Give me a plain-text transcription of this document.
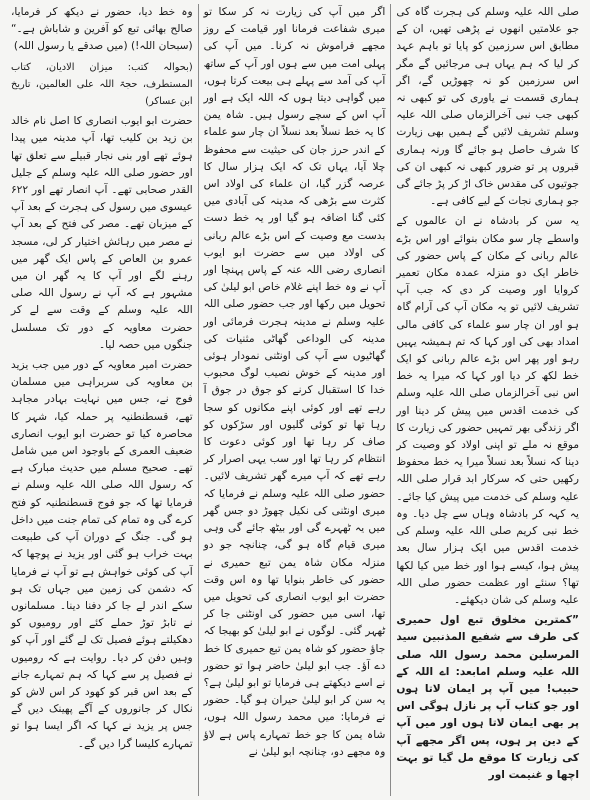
صلی اللہ علیہ وسلم کی ہجرت گاہ کی جو علامتیں انھوں نے پڑھی تھیں، ان کے مطابق اس سرزمین کو پایا تو باہم عہد کر لیا کہ ہم یہاں ہی مرجائیں گے مگر اس سرزمین کو نہ چھوڑیں گے، اگر ہماری قسمت نے یاوری کی تو کبھی نہ کبھی جب نبی آخرالزماں صلی اللہ علیہ وسلم تشریف لائیں گے ہمیں بھی زیارت کا شرف حاصل ہو جائے گا ورنہ ہماری قبروں پر تو ضرور کبھی نہ کبھی ان کی جوتیوں کی مقدس خاک اڑ کر پڑ جائے گی جو ہماری نجات کے لیے کافی ہے۔

یہ سن کر بادشاہ نے ان عالموں کے واسطے چار سو مکان بنوائے اور اس بڑے عالم ربانی کے مکان کے پاس حضور کی خاطر ایک دو منزلہ عمدہ مکان تعمیر کروایا اور وصیت کر دی کہ جب آپ تشریف لائیں تو یہ مکان آپ کی آرام گاہ ہو اور ان چار سو علماء کی کافی مالی امداد بھی کی اور کہا کہ تم ہمیشہ یہیں رہو اور پھر اس بڑے عالم ربانی کو ایک خط لکھ کر دیا اور کہا کہ میرا یہ خط اس نبی آخرالزماں صلی اللہ علیہ وسلم کی خدمت اقدس میں پیش کر دینا اور اگر زندگی بھر تمہیں حضور کی زیارت کا موقع نہ ملے تو اپنی اولاد کو وصیت کر دینا کہ نسلاً بعد نسلاً میرا یہ خط محفوظ رکھیں حتی کہ سرکار ابد قرار صلی اللہ علیہ وسلم کی خدمت میں پیش کیا جائے۔ یہ کہہ کر بادشاہ وہاں سے چل دیا۔ وہ خط نبی کریم صلی اللہ علیہ وسلم کی خدمت اقدس میں ایک ہزار سال بعد پیش ہوا، کیسے ہوا اور خط میں کیا لکھا تھا؟ سنئے اور عظمت حضور صلی اللہ علیہ وسلم کی شان دیکھئے۔

”کمترین مخلوق تبع اول حمیری کی طرف سے شفیع المذنبین سید المرسلین محمد رسول اللہ صلی اللہ علیہ وسلم امابعد: اے اللہ کے حبیب! میں آپ پر ایمان لاتا ہوں اور جو کتاب آپ پر نازل ہوگی اس پر بھی ایمان لاتا ہوں اور میں آپ کے دین پر ہوں، پس اگر مجھے آپ کی زیارت کا موقع مل گیا تو بہت اچھا و غنیمت اور

اگر میں آپ کی زیارت نہ کر سکا تو میری شفاعت فرمانا اور قیامت کے روز مجھے فراموش نہ کرنا۔ میں آپ کی پہلی امت میں سے ہوں اور آپ کے ساتھ آپ کی آمد سے پہلے ہی بیعت کرتا ہوں، میں گواہی دیتا ہوں کہ اللہ ایک ہے اور آپ اس کے سچے رسول ہیں۔ شاہ یمن کا یہ خط نسلاً بعد نسلاً ان چار سو علماء کے اندر حرز جان کی حیثیت سے محفوظ چلا آیا، یہاں تک کہ ایک ہزار سال کا عرصہ گزر گیا، ان علماء کی اولاد اس کثرت سے بڑھی کہ مدینہ کی آبادی میں کئی گنا اضافہ ہو گیا اور یہ خط دست بدست مع وصیت کے اس بڑے عالم ربانی کی اولاد میں سے حضرت ابو ایوب انصاری رضی اللہ عنہ کے پاس پہنچا اور آپ نے وہ خط اپنے غلام خاص ابو لیلیٰ کی تحویل میں رکھا اور جب حضور صلی اللہ علیہ وسلم نے مدینہ ہجرت فرمائی اور مدینہ کی الوداعی گھاٹی مثنیات کی گھاٹیوں سے آپ کی اونٹنی نمودار ہوئی اور مدینہ کے خوش نصیب لوگ محبوب خدا کا استقبال کرنے کو جوق در جوق آ رہے تھے اور کوئی اپنے مکانوں کو سجا رہا تھا تو کوئی گلیوں اور سڑکوں کو صاف کر رہا تھا اور کوئی دعوت کا انتظام کر رہا تھا اور سب یہی اصرار کر رہے تھے کہ آپ میرے گھر تشریف لائیں۔ حضور صلی اللہ علیہ وسلم نے فرمایا کہ میری اونٹنی کی نکیل چھوڑ دو جس گھر میں یہ ٹھہرے گی اور بیٹھ جائے گی وہی میری قیام گاہ ہو گی، چنانچہ جو دو منزلہ مکان شاہ یمن تبع حمیری نے حضور کی خاطر بنوایا تھا وہ اس وقت حضرت ابو ایوب انصاری کی تحویل میں تھا، اسی میں حضور کی اونٹنی جا کر ٹھہر گئی۔ لوگوں نے ابو لیلیٰ کو بھیجا کہ جاؤ حضور کو شاہ یمن تبع حمیری کا خط دے آؤ۔ جب ابو لیلیٰ حاضر ہوا تو حضور نے اسے دیکھتے ہی فرمایا تو ابو لیلیٰ ہے؟ یہ سن کر ابو لیلیٰ حیران ہو گیا۔ حضور نے فرمایا: میں محمد رسول اللہ ہوں، شاہ یمن کا جو خط تمہارے پاس ہے لاؤ وہ مجھے دو، چنانچہ ابو لیلیٰ نے

وہ خط دیا، حضور نے دیکھ کر فرمایا، صالح بھائی تبع کو آفرین و شاباش ہے۔“ (سبحان اللہ!) (میں صدقے یا رسول اللہ)

(بحوالہ کتب: میزان الادیان، کتاب المستطرف، حجۃ اللہ علی العالمین، تاریخ ابن عساکر)

حضرت ابو ایوب انصاری کا اصل نام خالد بن زید بن کلیب تھا، آپ مدینہ میں پیدا ہوئے تھے اور بنی نجار قبیلے سے تعلق تھا اور حضور صلی اللہ علیہ وسلم کے جلیل القدر صحابی تھے۔ آپ انصار تھے اور ۶۲۲ عیسوی میں رسول کی ہجرت کے بعد آپ کے میزبان تھے۔ مصر کی فتح کے بعد آپ نے مصر میں رہائش اختیار کر لی، مسجد عمرو بن العاص کے پاس ایک گھر میں رہنے لگے اور آپ کا یہ گھر ان میں مشہور ہے کہ آپ نے رسول اللہ صلی اللہ علیہ وسلم کے وقت سے لے کر حضرت معاویہ کے دور تک مسلسل جنگوں میں حصہ لیا۔

حضرت امیر معاویہ کے دور میں جب یزید بن معاویہ کی سربراہی میں مسلمان فوج نے، جس میں نہایت بہادر مجاہد تھے، قسطنطنیہ پر حملہ کیا، شہر کا محاصرہ کیا تو حضرت ابو ایوب انصاری ضعیف العمری کے باوجود اس میں شامل تھے۔ صحیح مسلم میں حدیث مبارک ہے کہ رسول اللہ صلی اللہ علیہ وسلم نے فرمایا تھا کہ جو فوج قسطنطنیہ کو فتح کرے گی وہ تمام کی تمام جنت میں داخل ہو گی۔ جنگ کے دوران آپ کی طبیعت بہت خراب ہو گئی اور یزید نے پوچھا کہ آپ کی کوئی خواہش ہے تو آپ نے فرمایا کہ دشمن کی زمین میں جہاں تک ہو سکے اندر لے جا کر دفنا دینا۔ مسلمانوں نے تابڑ توڑ حملے کئے اور رومیوں کو دھکیلتے ہوئے فصیل تک لے گئے اور آپ کو وہیں دفن کر دیا۔ روایت ہے کہ رومیوں نے فصیل پر سے کہا کہ ہم تمہارے جانے کے بعد اس قبر کو کھود کر اس لاش کو نکال کر جانوروں کے آگے پھینک دیں گے جس پر یزید نے کہا کہ اگر ایسا ہوا تو تمہارے کلیسا گرا دیں گے۔
